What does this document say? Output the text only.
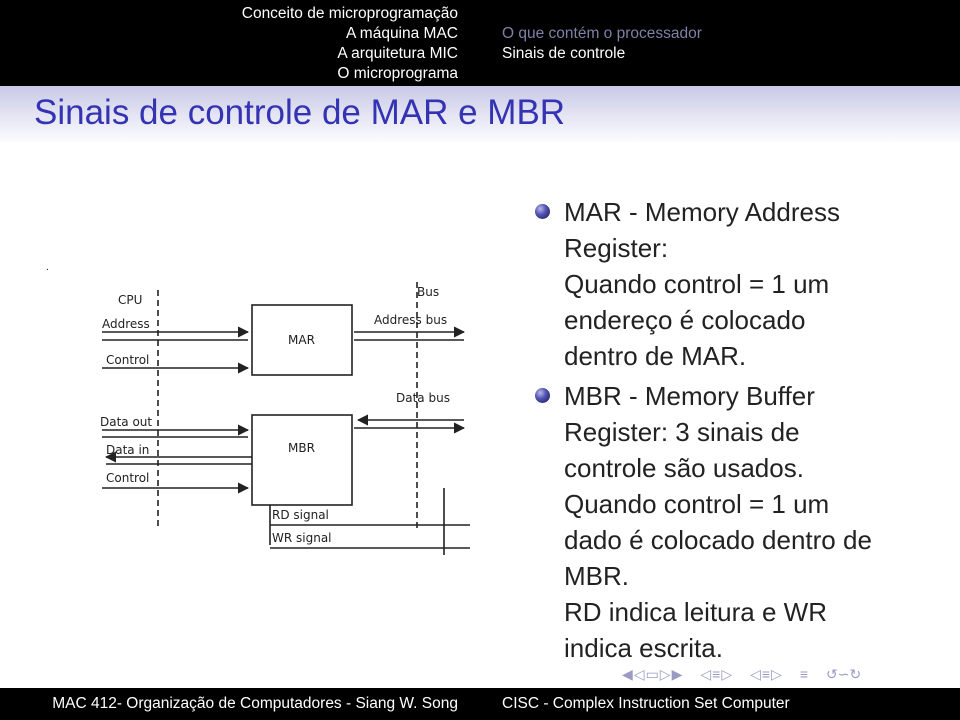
Conceito de microprogramação
A máquina MAC
A arquitetura MIC
O microprograma
O que contém o processador
Sinais de controle
Sinais de controle de MAR e MBR
.
CPU
Address
Control
Bus
Address bus
MAR
Data bus
Data out
Data in
Control
MBR
RD signal
WR signal
MAR - Memory Address
Register:
Quando control = 1 um
endereço é colocado
dentro de MAR.
MBR - Memory Buffer
Register: 3 sinais de
controle são usados.
Quando control = 1 um
dado é colocado dentro de
MBR.
RD indica leitura e WR
indica escrita.
◀ ◁ ▭ ▷ ▶ ◁ ≡ ▷ ◁ ≡ ▷ ≡ ↺∽↻
MAC 412- Organização de Computadores - Siang W. Song	CISC - Complex Instruction Set Computer
